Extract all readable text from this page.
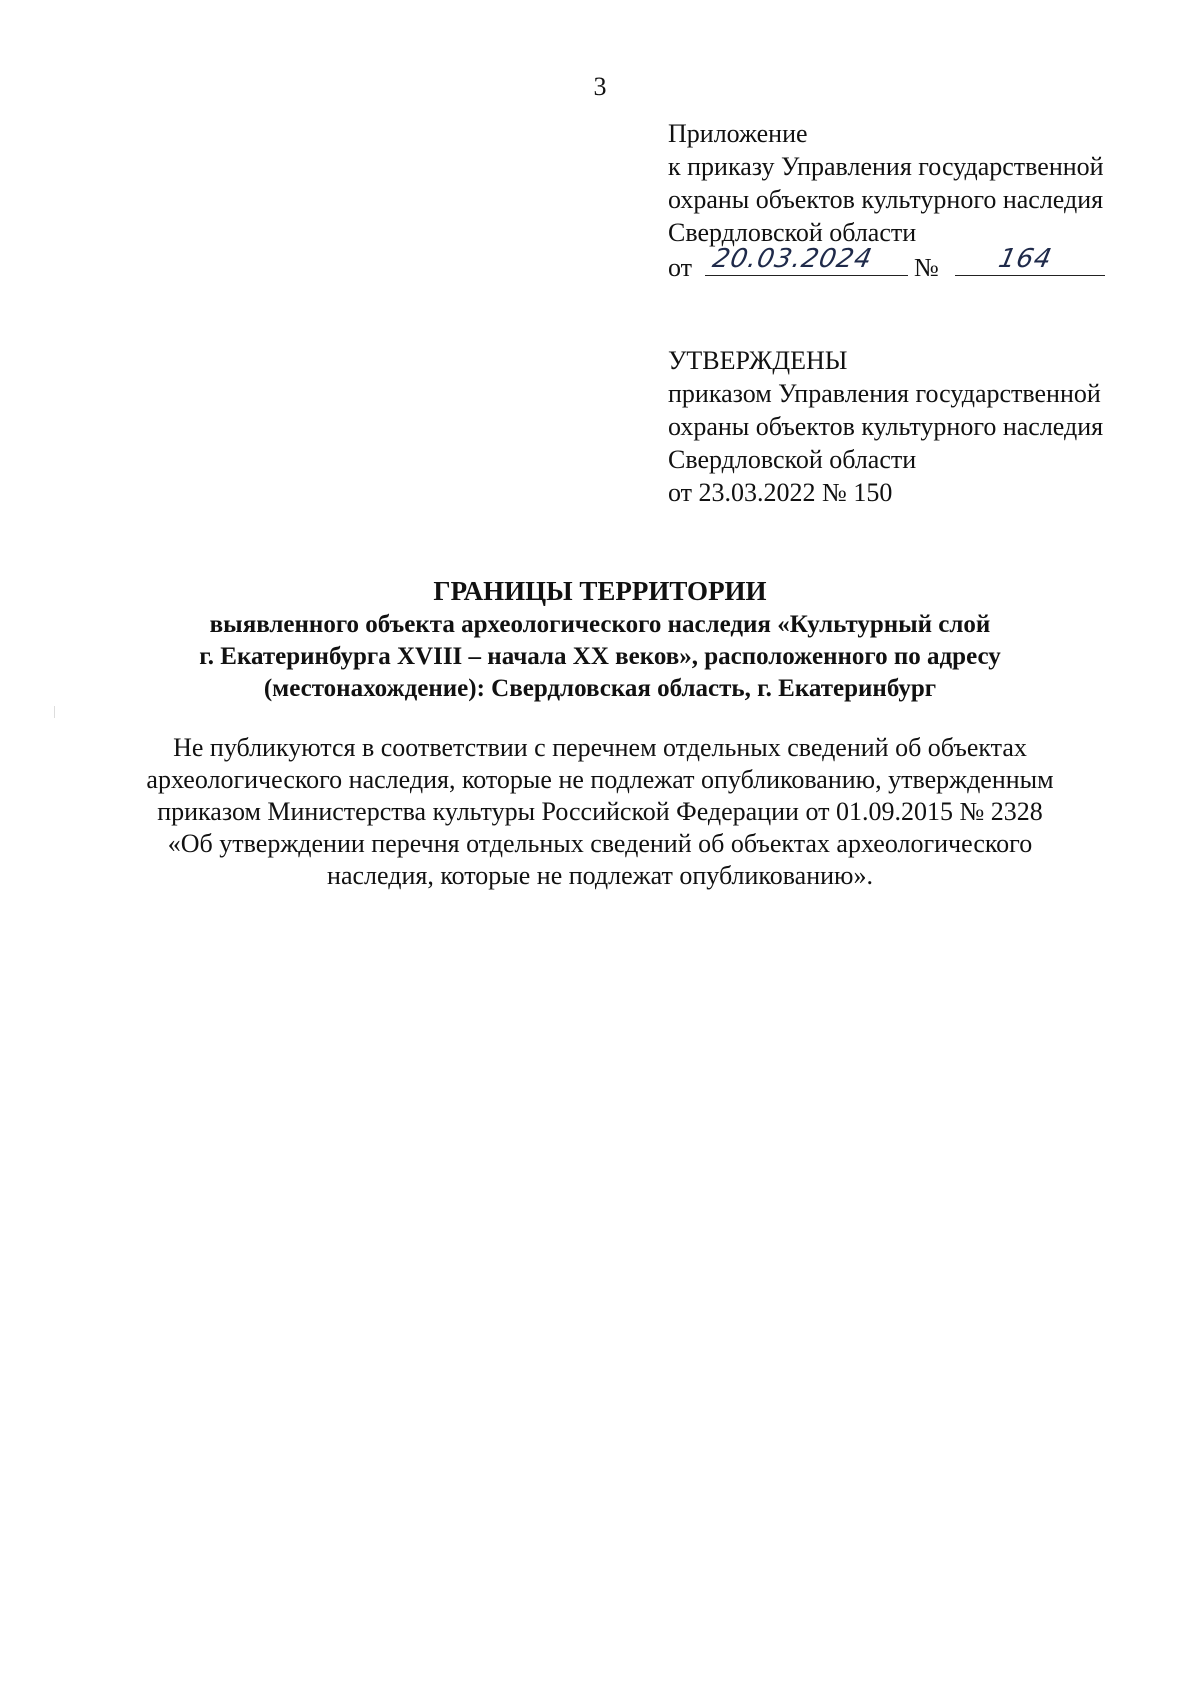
3
Приложение
к приказу Управления государственной
охраны объектов культурного наследия
Свердловской области
от 20.03.2024 № 164
УТВЕРЖДЕНЫ
приказом Управления государственной
охраны объектов культурного наследия
Свердловской области
от 23.03.2022 № 150
ГРАНИЦЫ ТЕРРИТОРИИ
выявленного объекта археологического наследия «Культурный слой
г. Екатеринбурга XVIII – начала XX веков», расположенного по адресу
(местонахождение): Свердловская область, г. Екатеринбург
Не публикуются в соответствии с перечнем отдельных сведений об объектах
археологического наследия, которые не подлежат опубликованию, утвержденным
приказом Министерства культуры Российской Федерации от 01.09.2015 № 2328
«Об утверждении перечня отдельных сведений об объектах археологического
наследия, которые не подлежат опубликованию».
